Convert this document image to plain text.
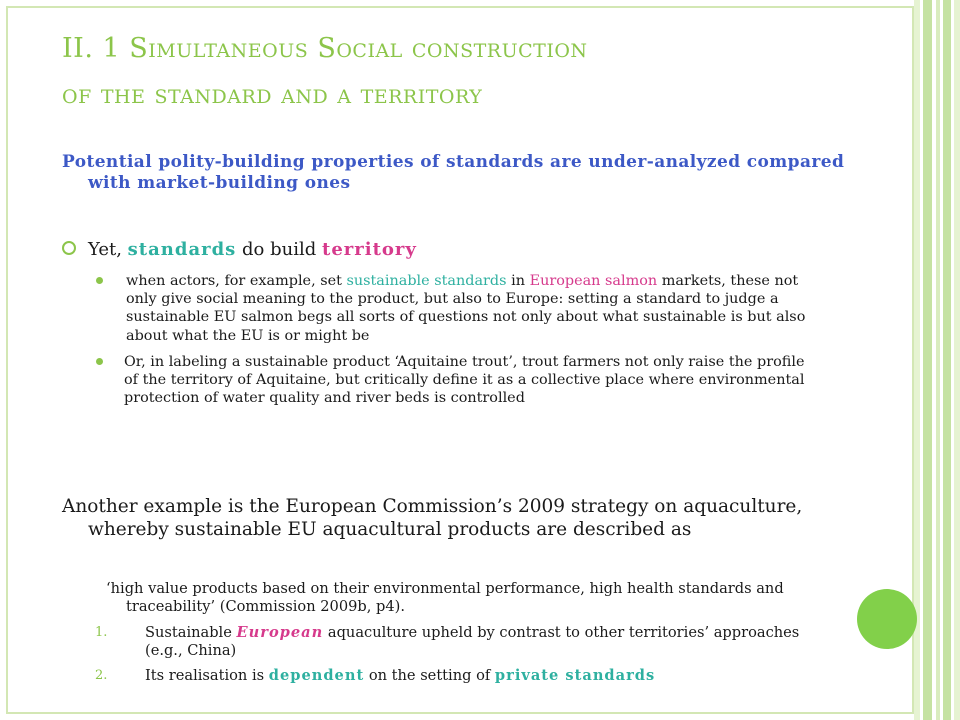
II. 1 Simultaneous Social construction
of the standard and a territory
Potential polity-building properties of standards are under-analyzed compared with market-building ones
Yet, standards do build territory

when actors, for example, set sustainable standards in European salmon markets, these not only give social meaning to the product, but also to Europe: setting a standard to judge a sustainable EU salmon begs all sorts of questions not only about what sustainable is but also about what the EU is or might be

Or, in labeling a sustainable product ‘Aquitaine trout’, trout farmers not only raise the profile of the territory of Aquitaine, but critically define it as a collective place where environmental protection of water quality and river beds is controlled

Another example is the European Commission’s 2009 strategy on aquaculture, whereby sustainable EU aquacultural products are described as
‘high value products based on their environmental performance, high health standards and traceability’ (Commission 2009b, p4).
1.	Sustainable European aquaculture upheld by contrast to other territories’ approaches (e.g., China)
2.	Its realisation is dependent on the setting of private standards
